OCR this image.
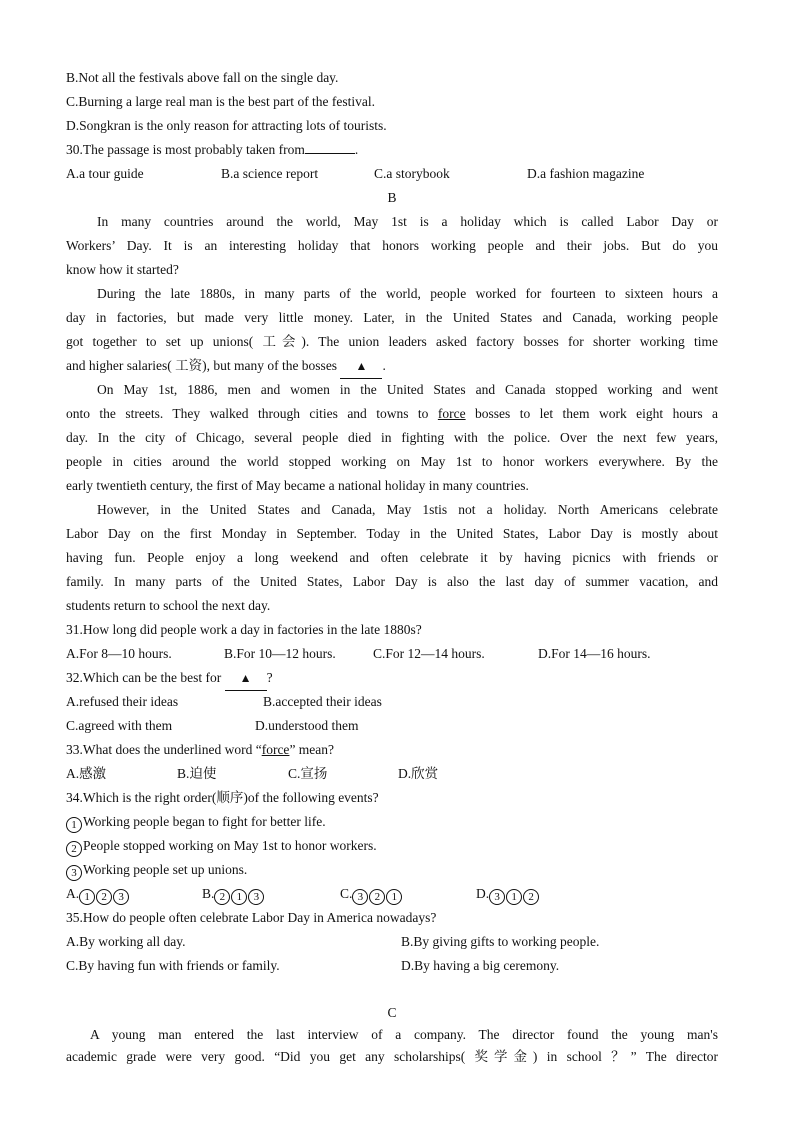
B.Not all the festivals above fall on the single day.
C.Burning a large real man is the best part of the festival.
D.Songkran is the only reason for attracting lots of tourists.
30.The passage is most probably taken from	.
A.a tour guide	B.a science report	C.a storybook	D.a fashion magazine
B
In many countries around the world, May 1st is a holiday which is called Labor Day or
Workers’ Day. It is an interesting holiday that honors working people and their jobs. But do you
know how it started?
During the late 1880s, in many parts of the world, people worked for fourteen to sixteen hours a
day in factories, but made very little money. Later, in the United States and Canada, working people
got together to set up unions( 工会). The union leaders asked factory bosses for shorter working time
and higher salaries( 工资), but many of the bosses ▲ .
On May 1st, 1886, men and women in the United States and Canada stopped working and went
onto the streets. They walked through cities and towns to force bosses to let them work eight hours a
day. In the city of Chicago, several people died in fighting with the police. Over the next few years,
people in cities around the world stopped working on May 1st to honor workers everywhere. By the
early twentieth century, the first of May became a national holiday in many countries.
However, in the United States and Canada, May 1stis not a holiday. North Americans celebrate
Labor Day on the first Monday in September. Today in the United States, Labor Day is mostly about
having fun. People enjoy a long weekend and often celebrate it by having picnics with friends or
family. In many parts of the United States, Labor Day is also the last day of summer vacation, and
students return to school the next day.
31.How long did people work a day in factories in the late 1880s?
A.For 8—10 hours.	B.For 10—12 hours.	C.For 12—14 hours.	D.For 14—16 hours.
32.Which can be the best for ▲ ?
A.refused their ideas	B.accepted their ideas
C.agreed with them	D.understood them
33.What does the underlined word “force” mean?
A.感激	B.迫使	C.宣扬	D.欣赏
34.Which is the right order(顺序)of the following events?
1 Working people began to fight for better life.
2 People stopped working on May 1st to honor workers.
3 Working people set up unions.
A. 1 2 3	B. 2 1 3	C. 3 2 1	D. 3 1 2
35.How do people often celebrate Labor Day in America nowadays?
A.By working all day.	B.By giving gifts to working people.
C.By having fun with friends or family.	D.By having a big ceremony.
C
A young man entered the last interview of a company. The director found the young man's
academic grade were very good. “Did you get any scholarships( 奖学金) in school ？” The director
